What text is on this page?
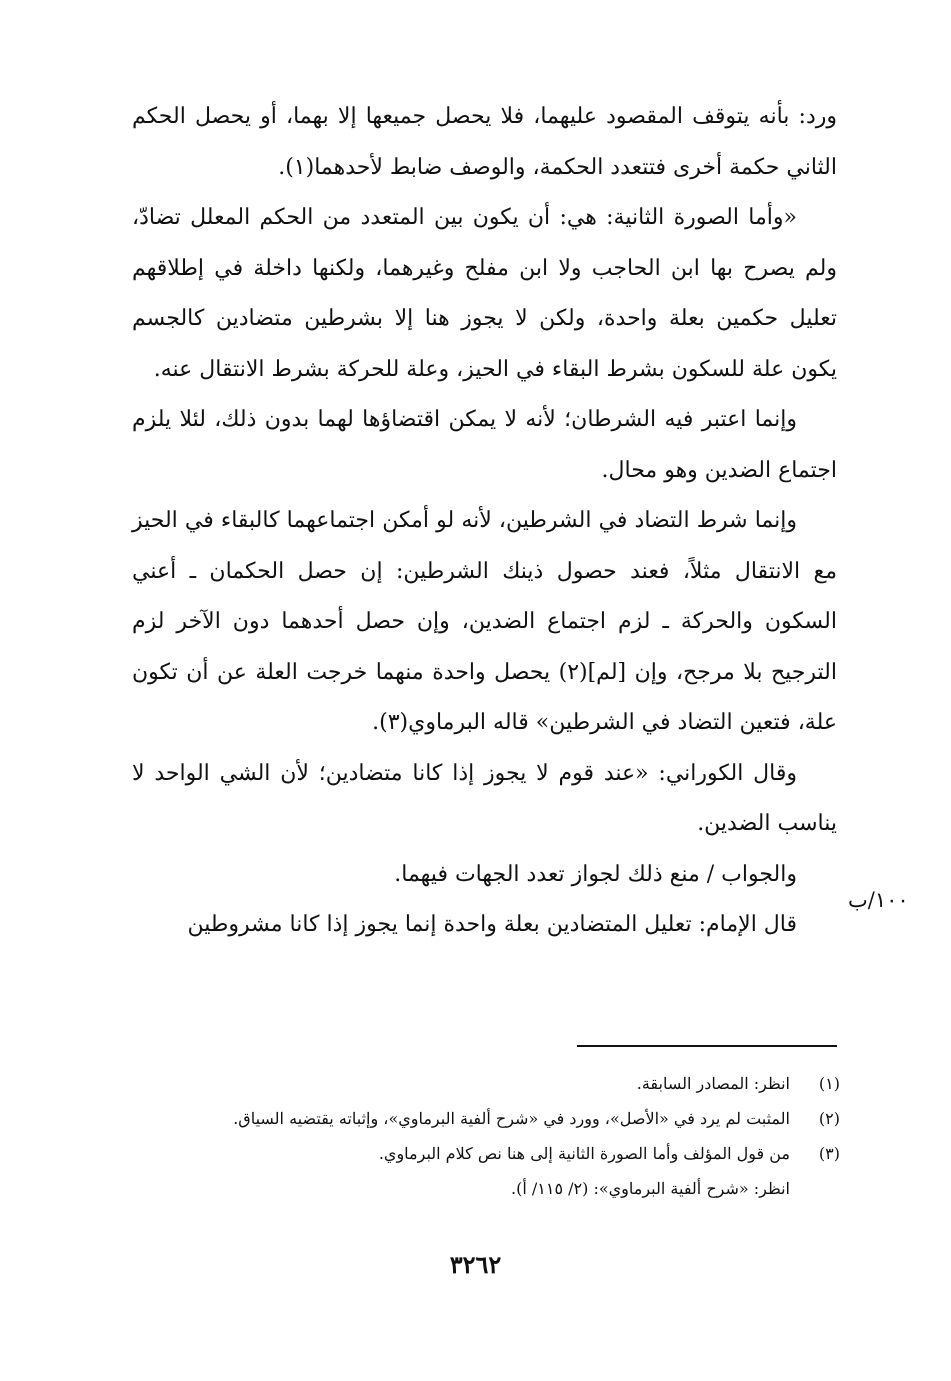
ورد: بأنه يتوقف المقصود عليهما، فلا يحصل جميعها إلا بهما، أو يحصل الحكم الثاني حكمة أخرى فتتعدد الحكمة، والوصف ضابط لأحدهما(١).

«وأما الصورة الثانية: هي: أن يكون بين المتعدد من الحكم المعلل تضادّ، ولم يصرح بها ابن الحاجب ولا ابن مفلح وغيرهما، ولكنها داخلة في إطلاقهم تعليل حكمين بعلة واحدة، ولكن لا يجوز هنا إلا بشرطين متضادين كالجسم يكون علة للسكون بشرط البقاء في الحيز، وعلة للحركة بشرط الانتقال عنه.

وإنما اعتبر فيه الشرطان؛ لأنه لا يمكن اقتضاؤها لهما بدون ذلك، لئلا يلزم اجتماع الضدين وهو محال.

وإنما شرط التضاد في الشرطين، لأنه لو أمكن اجتماعهما كالبقاء في الحيز مع الانتقال مثلاً، فعند حصول ذينك الشرطين: إن حصل الحكمان ـ أعني السكون والحركة ـ لزم اجتماع الضدين، وإن حصل أحدهما دون الآخر لزم الترجيح بلا مرجح، وإن [لم](٢) يحصل واحدة منهما خرجت العلة عن أن تكون علة، فتعين التضاد في الشرطين» قاله البرماوي(٣).

وقال الكوراني: «عند قوم لا يجوز إذا كانا متضادين؛ لأن الشي الواحد لا يناسب الضدين.

والجواب / منع ذلك لجواز تعدد الجهات فيهما.

قال الإمام: تعليل المتضادين بعلة واحدة إنما يجوز إذا كانا مشروطين

١٠٠/ب
(١)
انظر: المصادر السابقة.
(٢)
المثبت لم يرد في «الأصل»، وورد في «شرح ألفية البرماوي»، وإثباته يقتضيه السياق.
(٣)
من قول المؤلف وأما الصورة الثانية إلى هنا نص كلام البرماوي.
انظر: «شرح ألفية البرماوي»: (٢/ ١١٥/ أ).
٣٢٦٢
